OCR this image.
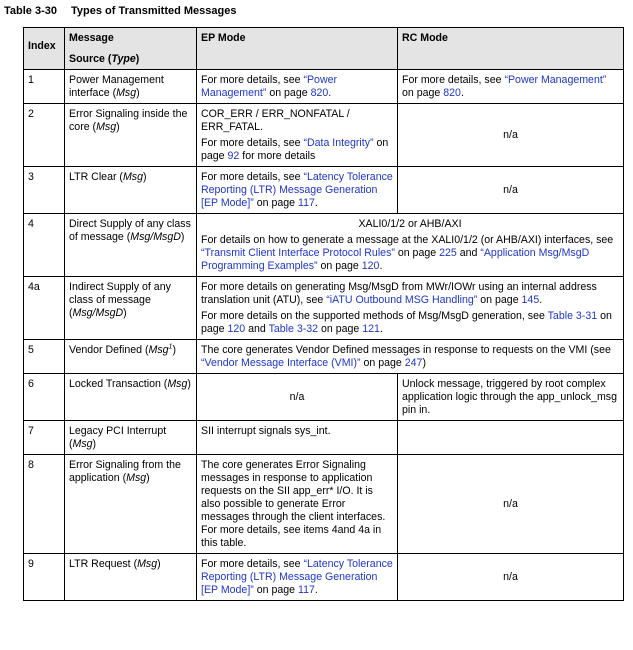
Table 3-30 Types of Transmitted Messages
Index	Message
Source (Type)	EP Mode	RC Mode
1	Power Management interface (Msg)	For more details, see “Power Management” on page 820.	For more details, see “Power Management” on page 820.
2	Error Signaling inside the core (Msg)	COR_ERR / ERR_NONFATAL / ERR_FATAL.

For more details, see “Data Integrity” on page 92 for more details	n/a
3	LTR Clear (Msg)	For more details, see “Latency Tolerance Reporting (LTR) Message Generation [EP Mode]” on page 117.	n/a
4	Direct Supply of any class of message (Msg/MsgD)	XALI0/1/2 or AHB/AXI

For details on how to generate a message at the XALI0/1/2 (or AHB/AXI) interfaces, see “Transmit Client Interface Protocol Rules” on page 225 and “Application Msg/MsgD Programming Examples” on page 120.	

4a	Indirect Supply of any class of message (Msg/MsgD)	For more details on generating Msg/MsgD from MWr/IOWr using an internal address translation unit (ATU), see “iATU Outbound MSG Handling” on page 145.

For more details on the supported methods of Msg/MsgD generation, see Table 3-31 on page 120 and Table 3-32 on page 121.	

5	Vendor Defined (Msg$^1$)	The core generates Vendor Defined messages in response to requests on the VMI (see “Vendor Message Interface (VMI)” on page 247)	
6	Locked Transaction (Msg)	n/a	Unlock message, triggered by root complex application logic through the app_unlock_msg pin in.
7	Legacy PCI Interrupt (Msg)	SII interrupt signals sys_int.	
8	Error Signaling from the application (Msg)	The core generates Error Signaling messages in response to application requests on the SII app_err* I/O. It is also possible to generate Error messages through the client interfaces. For more details, see items 4and 4a in this table.	n/a
9	LTR Request (Msg)	For more details, see “Latency Tolerance Reporting (LTR) Message Generation [EP Mode]” on page 117.	n/a
